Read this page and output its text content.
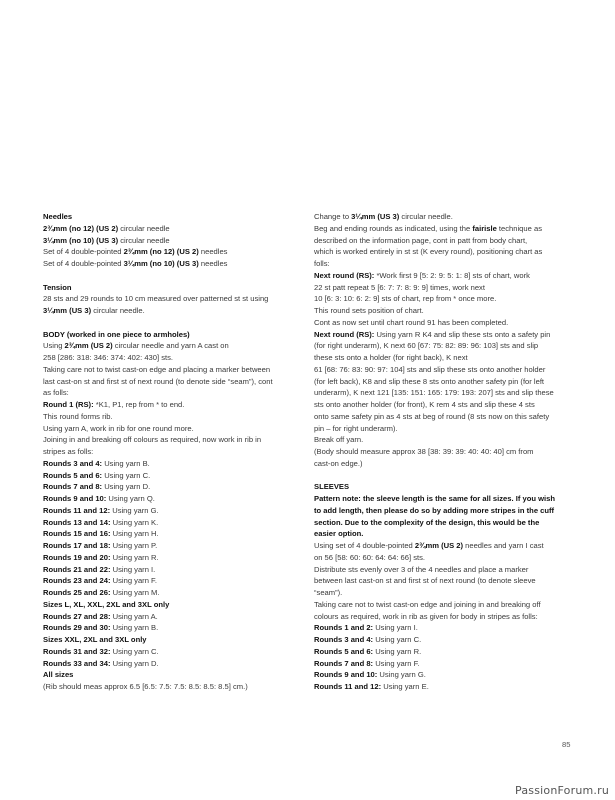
Needles

2¾mm (no 12) (US 2) circular needle

3¼mm (no 10) (US 3) circular needle

Set of 4 double-pointed 2¾mm (no 12) (US 2) needles

Set of 4 double-pointed 3¼mm (no 10) (US 3) needles

Tension

28 sts and 29 rounds to 10 cm measured over patterned st st using

3¼mm (US 3) circular needle.

BODY (worked in one piece to armholes)

Using 2¾mm (US 2) circular needle and yarn A cast on

258 [286: 318: 346: 374: 402: 430] sts.

Taking care not to twist cast-on edge and placing a marker between

last cast-on st and first st of next round (to denote side “seam”), cont

as folls:

Round 1 (RS): *K1, P1, rep from * to end.

This round forms rib.

Using yarn A, work in rib for one round more.

Joining in and breaking off colours as required, now work in rib in

stripes as folls:

Rounds 3 and 4: Using yarn B.

Rounds 5 and 6: Using yarn C.

Rounds 7 and 8: Using yarn D.

Rounds 9 and 10: Using yarn Q.

Rounds 11 and 12: Using yarn G.

Rounds 13 and 14: Using yarn K.

Rounds 15 and 16: Using yarn H.

Rounds 17 and 18: Using yarn P.

Rounds 19 and 20: Using yarn R.

Rounds 21 and 22: Using yarn I.

Rounds 23 and 24: Using yarn F.

Rounds 25 and 26: Using yarn M.

Sizes L, XL, XXL, 2XL and 3XL only

Rounds 27 and 28: Using yarn A.

Rounds 29 and 30: Using yarn B.

Sizes XXL, 2XL and 3XL only

Rounds 31 and 32: Using yarn C.

Rounds 33 and 34: Using yarn D.

All sizes

(Rib should meas approx 6.5 [6.5: 7.5: 7.5: 8.5: 8.5: 8.5] cm.)

Change to 3¼mm (US 3) circular needle.

Beg and ending rounds as indicated, using the fairisle technique as

described on the information page, cont in patt from body chart,

which is worked entirely in st st (K every round), positioning chart as

folls:

Next round (RS): *Work first 9 [5: 2: 9: 5: 1: 8] sts of chart, work

22 st patt repeat 5 [6: 7: 7: 8: 9: 9] times, work next

10 [6: 3: 10: 6: 2: 9] sts of chart, rep from * once more.

This round sets position of chart.

Cont as now set until chart round 91 has been completed.

Next round (RS): Using yarn R K4 and slip these sts onto a safety pin

(for right underarm), K next 60 [67: 75: 82: 89: 96: 103] sts and slip

these sts onto a holder (for right back), K next

61 [68: 76: 83: 90: 97: 104] sts and slip these sts onto another holder

(for left back), K8 and slip these 8 sts onto another safety pin (for left

underarm), K next 121 [135: 151: 165: 179: 193: 207] sts and slip these

sts onto another holder (for front), K rem 4 sts and slip these 4 sts

onto same safety pin as 4 sts at beg of round (8 sts now on this safety

pin – for right underarm).

Break off yarn.

(Body should measure approx 38 [38: 39: 39: 40: 40: 40] cm from

cast-on edge.)

SLEEVES

Pattern note: the sleeve length is the same for all sizes. If you wish

to add length, then please do so by adding more stripes in the cuff

section. Due to the complexity of the design, this would be the

easier option.

Using set of 4 double-pointed 2¾mm (US 2) needles and yarn I cast

on 56 [58: 60: 60: 64: 64: 66] sts.

Distribute sts evenly over 3 of the 4 needles and place a marker

between last cast-on st and first st of next round (to denote sleeve

“seam”).

Taking care not to twist cast-on edge and joining in and breaking off

colours as required, work in rib as given for body in stripes as folls:

Rounds 1 and 2: Using yarn I.

Rounds 3 and 4: Using yarn C.

Rounds 5 and 6: Using yarn R.

Rounds 7 and 8: Using yarn F.

Rounds 9 and 10: Using yarn G.

Rounds 11 and 12: Using yarn E.

85
PassionForum.ru
